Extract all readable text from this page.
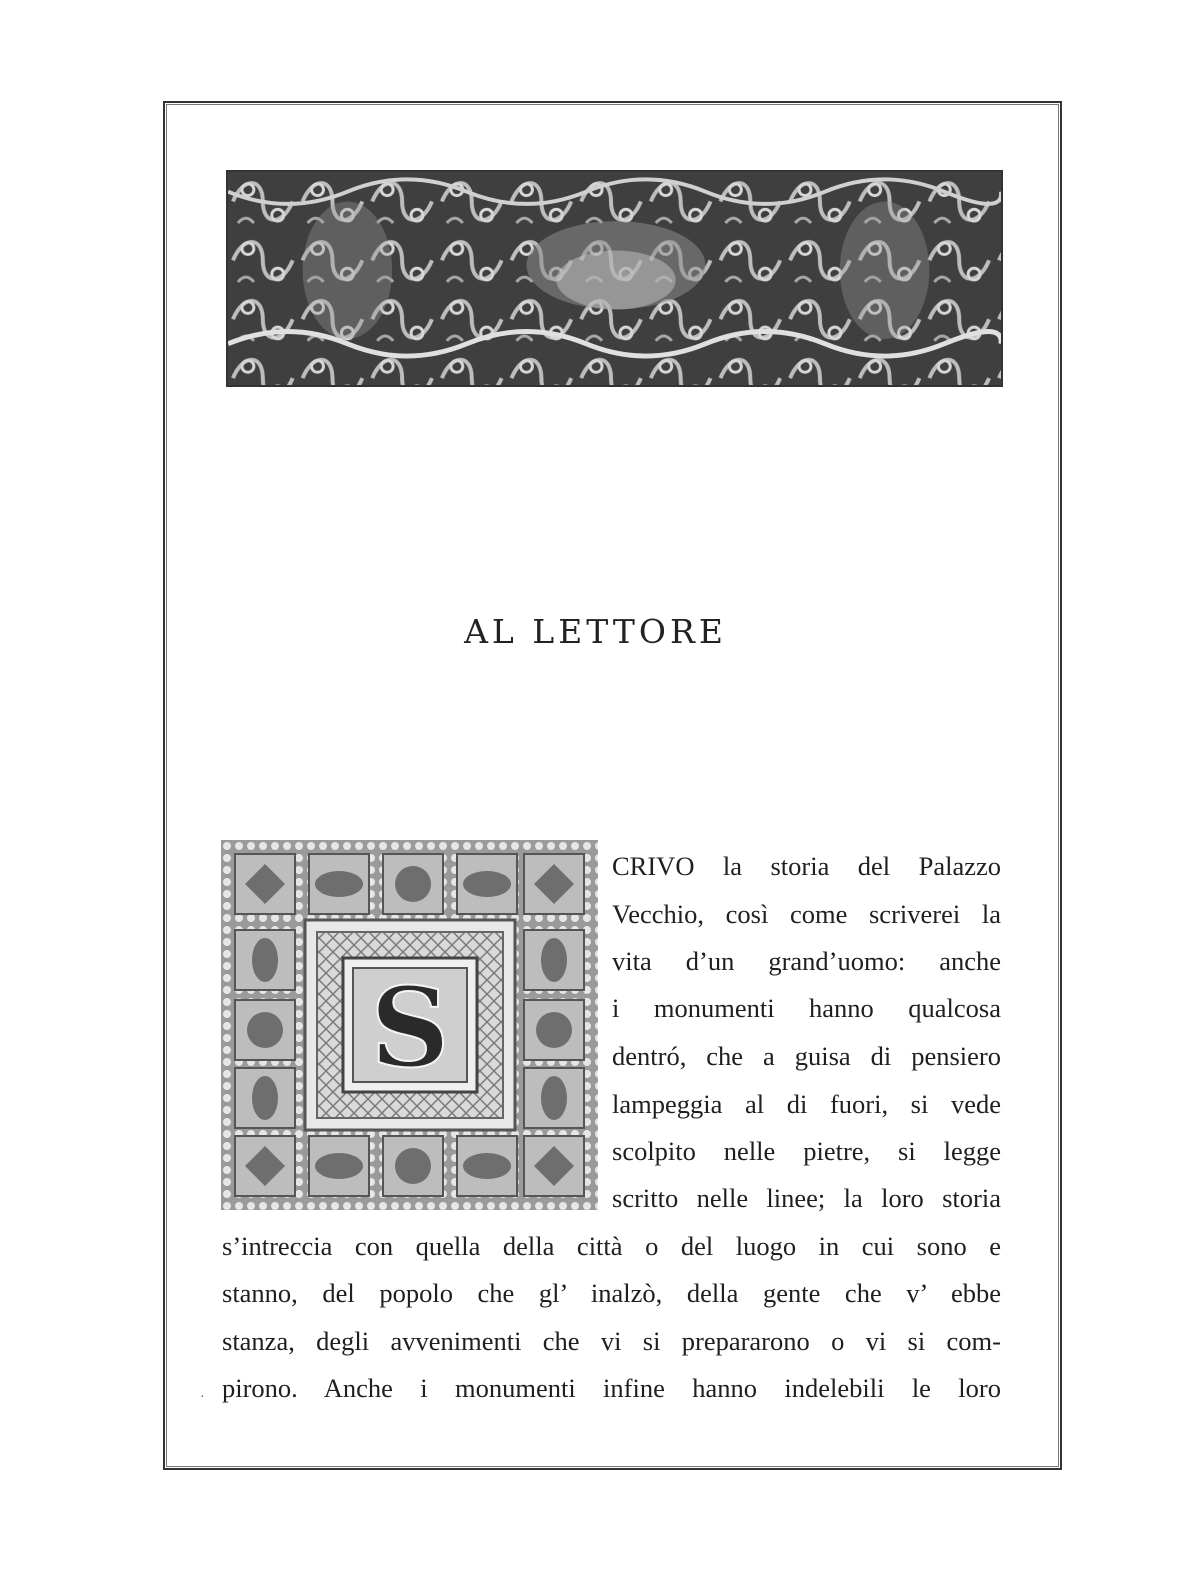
AL LETTORE
S
CRIVO la storia del Palazzo
Vecchio, così come scriverei la
vita d’un grand’uomo: anche
i monumenti hanno qualcosa
dentró, che a guisa di pensiero
lampeggia al di fuori, si vede
scolpito nelle pietre, si legge
scritto nelle linee; la loro storia
s’intreccia con quella della città o del luogo in cui sono e
stanno, del popolo che gl’ inalzò, della gente che v’ ebbe
stanza, degli avvenimenti che vi si prepararono o vi si com-
pirono. Anche i monumenti infine hanno indelebili le loro
·
